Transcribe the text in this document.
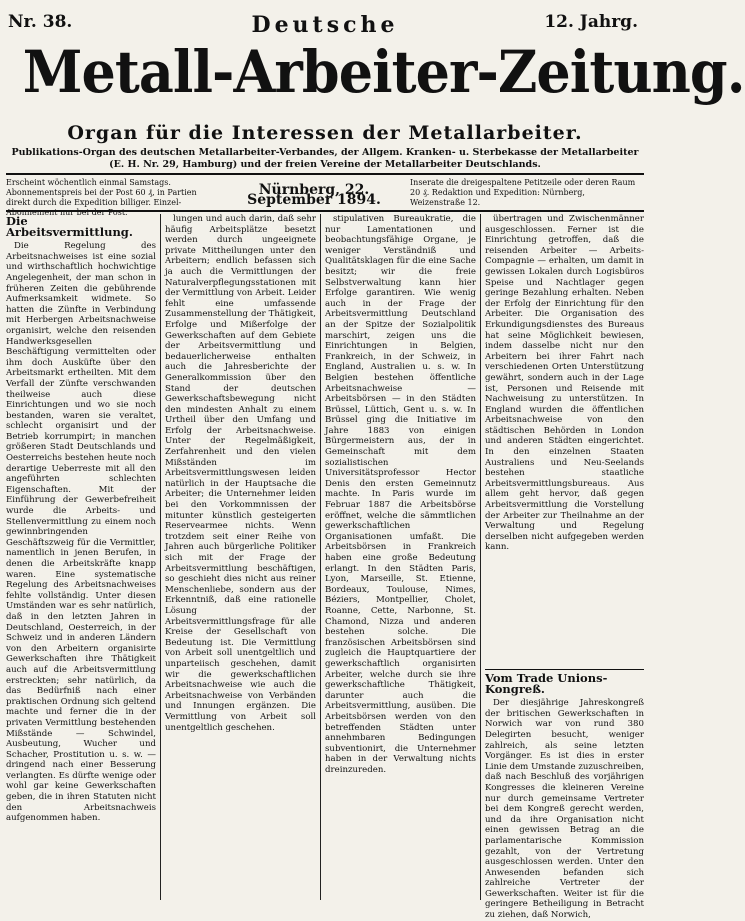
Nr. 38.	Deutsche	12. Jahrg.
Metall-Arbeiter-Zeitung.
Organ für die Interessen der Metallarbeiter.
Publikations-Organ des deutschen Metallarbeiter-Verbandes, der Allgem. Kranken- u. Sterbekasse der Metallarbeiter (E. H. Nr. 29, Hamburg) und der freien Vereine der Metallarbeiter Deutschlands.
Erscheint wöchentlich einmal Samstags. Abonnementspreis bei der Post 60 ₰, in Partien direkt durch die Expedition billiger. Einzel-Abonnement nur bei der Post.
Nürnberg, 22. September 1894.
Inserate die dreigespaltene Petitzeile oder deren Raum 20 ₰. Redaktion und Expedition: Nürnberg, Weizenstraße 12.
Die Arbeitsvermittlung.

Die Regelung des Arbeitsnachweises ist eine sozial und wirthschaftlich hochwichtige Angelegenheit, der man schon in früheren Zeiten die gebührende Aufmerksamkeit widmete. So hatten die Zünfte in Verbindung mit Herbergen Arbeitsnachweise organisirt, welche den reisenden Handwerksgesellen Beschäftigung vermittelten oder ihm doch Ausküfte über den Arbeitsmarkt ertheilten. Mit dem Verfall der Zünfte verschwanden theilweise auch diese Einrichtungen und wo sie noch bestanden, waren sie veraltet, schlecht organisirt und der Betrieb korrumpirt; in manchen größeren Stadt Deutschlands und Oesterreichs bestehen heute noch derartige Ueberreste mit all den angeführten schlechten Eigenschaften. Mit der Einführung der Gewerbefreiheit wurde die Arbeits- und Stellenvermittlung zu einem noch gewinnbringenden Geschäftszweig für die Vermittler, namentlich in jenen Berufen, in denen die Arbeitskräfte knapp waren. Eine systematische Regelung des Arbeitsnachweises fehlte vollständig. Unter diesen Umständen war es sehr natürlich, daß in den letzten Jahren in Deutschland, Oesterreich, in der Schweiz und in anderen Ländern von den Arbeitern organisirte Gewerkschaften ihre Thätigkeit auch auf die Arbeitsvermittlung erstreckten; sehr natürlich, da das Bedürfniß nach einer praktischen Ordnung sich geltend machte und ferner die in der privaten Vermittlung bestehenden Mißstände — Schwindel, Ausbeutung, Wucher und Schacher, Prostitution u. s. w. — dringend nach einer Besserung verlangten. Es dürfte wenige oder wohl gar keine Gewerkschaften geben, die in ihren Statuten nicht den Arbeitsnachweis aufgenommen haben.

lungen und auch darin, daß sehr häufig Arbeitsplätze besetzt werden durch ungeeignete private Mittheilungen unter den Arbeitern; endlich befassen sich ja auch die Vermittlungen der Naturalverpflegungsstationen mit der Vermittlung von Arbeit. Leider fehlt eine umfassende Zusammenstellung der Thätigkeit, Erfolge und Mißerfolge der Gewerkschaften auf dem Gebiete der Arbeitsvermittlung und bedauerlicherweise enthalten auch die Jahresberichte der Generalkommission über den Stand der deutschen Gewerkschaftsbewegung nicht den mindesten Anhalt zu einem Urtheil über den Umfang und Erfolg der Arbeitsnachweise. Unter der Regelmäßigkeit, Zerfahrenheit und den vielen Mißständen im Arbeitsvermittlungswesen leiden natürlich in der Hauptsache die Arbeiter; die Unternehmer leiden bei den Vorkommnissen der mitunter künstlich gesteigerten Reservearmee nichts. Wenn trotzdem seit einer Reihe von Jahren auch bürgerliche Politiker sich mit der Frage der Arbeitsvermittlung beschäftigen, so geschieht dies nicht aus reiner Menschenliebe, sondern aus der Erkenntniß, daß eine rationelle Lösung der Arbeitsvermittlungsfrage für alle Kreise der Gesellschaft von Bedeutung ist. Die Vermittlung von Arbeit soll unentgeltlich und unparteiisch geschehen, damit wir die gewerkschaftlichen Arbeitsnachweise wie auch die Arbeitsnachweise von Verbänden und Innungen ergänzen. Die Vermittlung von Arbeit soll unentgeltlich geschehen.

stipulativen Bureaukratie, die nur Lamentationen und beobachtungsfähige Organe, je weniger Verständniß und Qualitätsklagen für die eine Sache besitzt; wir die freie Selbstverwaltung kann hier Erfolge garantiren. Wie wenig auch in der Frage der Arbeitsvermittlung Deutschland an der Spitze der Sozialpolitik marschirt, zeigen uns die Einrichtungen in Belgien, Frankreich, in der Schweiz, in England, Australien u. s. w. In Belgien bestehen öffentliche Arbeitsnachweise — Arbeitsbörsen — in den Städten Brüssel, Lüttich, Gent u. s. w. In Brüssel ging die Initiative im Jahre 1883 von einigen Bürgermeistern aus, der in Gemeinschaft mit dem sozialistischen Universitätsprofessor Hector Denis den ersten Gemeinnutz machte. In Paris wurde im Februar 1887 die Arbeitsbörse eröffnet, welche die sämmtlichen gewerkschaftlichen Organisationen umfaßt. Die Arbeitsbörsen in Frankreich haben eine große Bedeutung erlangt. In den Städten Paris, Lyon, Marseille, St. Etienne, Bordeaux, Toulouse, Nimes, Béziers, Montpellier, Cholet, Roanne, Cette, Narbonne, St. Chamond, Nizza und anderen bestehen solche. Die französischen Arbeitsbörsen sind zugleich die Hauptquartiere der gewerkschaftlich organisirten Arbeiter, welche durch sie ihre gewerkschaftliche Thätigkeit, darunter auch die Arbeitsvermittlung, ausüben. Die Arbeitsbörsen werden von den betreffenden Städten unter annehmbaren Bedingungen subventionirt, die Unternehmer haben in der Verwaltung nichts dreinzureden.

übertragen und Zwischenmänner ausgeschlossen. Ferner ist die Einrichtung getroffen, daß die reisenden Arbeiter — Arbeits-Compagnie — erhalten, um damit in gewissen Lokalen durch Logisbüros Speise und Nachtlager gegen geringe Bezahlung erhalten. Neben der Erfolg der Einrichtung für den Arbeiter. Die Organisation des Erkundigungsdienstes des Bureaus hat seine Möglichkeit bewiesen, indem dasselbe nicht nur den Arbeitern bei ihrer Fahrt nach verschiedenen Orten Unterstützung gewährt, sondern auch in der Lage ist, Personen und Reisende mit Nachweisung zu unterstützen. In England wurden die öffentlichen Arbeitsnachweise von den städtischen Behörden in London und anderen Städten eingerichtet. In den einzelnen Staaten Australiens und Neu-Seelands bestehen staatliche Arbeitsvermittlungsbureaus. Aus allem geht hervor, daß gegen Arbeitsvermittlung die Vorstellung der Arbeiter zur Theilnahme an der Verwaltung und Regelung derselben nicht aufgegeben werden kann.

Vom Trade Unions-Kongreß.

Der diesjährige Jahreskongreß der britischen Gewerkschaften in Norwich war von rund 380 Delegirten besucht, weniger zahlreich, als seine letzten Vorgänger. Es ist dies in erster Linie dem Umstande zuzuschreiben, daß nach Beschluß des vorjährigen Kongresses die kleineren Vereine nur durch gemeinsame Vertreter bei dem Kongreß gerecht werden, und da ihre Organisation nicht einen gewissen Betrag an die parlamentarische Kommission gezahlt, von der Vertretung ausgeschlossen werden. Unter den Anwesenden befanden sich zahlreiche Vertreter der Gewerkschaften. Weiter ist für die geringere Betheiligung in Betracht zu ziehen, daß Norwich,
